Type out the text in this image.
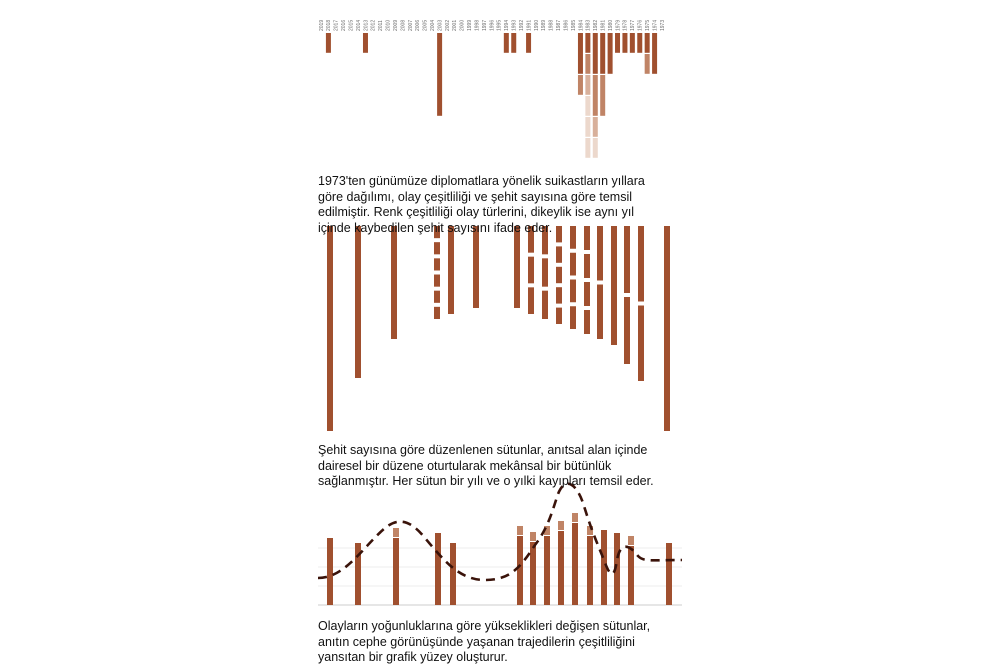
2019 2018 2017 2016 2015 2014 2013 2012 2011 2010 2009 2008 2007 2006 2005 2004 2003 2002 2001 2000 1999 1998 1997 1996 1995 1994 1993 1992 1991 1990 1989 1988 1987 1986 1985 1984 1983 1982 1981 1980 1979 1978 1977 1976 1975 1974 1973

1973'ten günümüze diplomatlara yönelik suikastların yıllara göre dağılımı, olay çeşitliliği ve şehit sayısına göre temsil edilmiştir. Renk çeşitliliği olay türlerini, dikeylik ise aynı yıl içinde kaybedilen şehit sayısını ifade eder.

Şehit sayısına göre düzenlenen sütunlar, anıtsal alan içinde dairesel bir düzene oturtularak mekânsal bir bütünlük sağlanmıştır. Her sütun bir yılı ve o yılki kayıpları temsil eder.

Olayların yoğunluklarına göre yükseklikleri değişen sütunlar, anıtın cephe görünüşünde yaşanan trajedilerin çeşitliliğini yansıtan bir grafik yüzey oluşturur.
